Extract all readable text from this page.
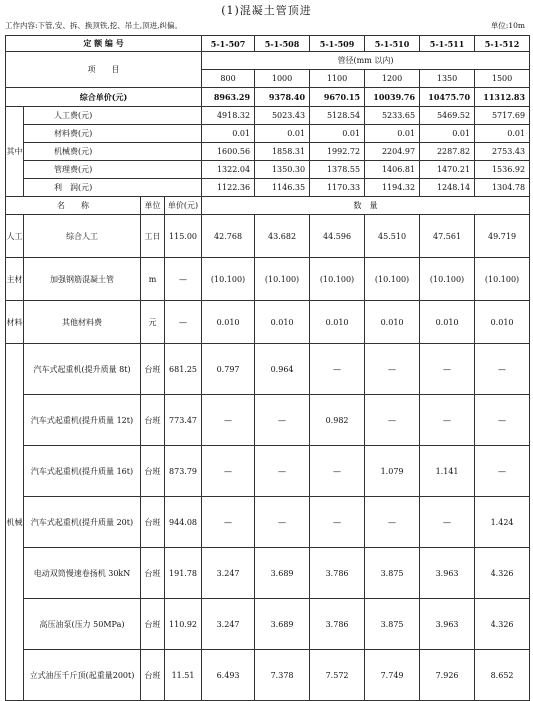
(1)混凝土管顶进
工作内容:下管,安、拆、换顶铁,挖、吊土,顶进,纠偏。	单位:10m
定 额 编 号				5-1-507	5-1-508	5-1-509	5-1-510	5-1-511	5-1-512
项　　目				管径(mm 以内)					
				800	1000	1100	1200	1350	1500
综合单价(元)				8963.29	9378.40	9670.15	10039.76	10475.70	11312.83
其中	人工费(元)			4918.32	5023.43	5128.54	5233.65	5469.52	5717.69
	材料费(元)			0.01	0.01	0.01	0.01	0.01	0.01
	机械费(元)			1600.56	1858.31	1992.72	2204.97	2287.82	2753.43
	管理费(元)			1322.04	1350.30	1378.55	1406.81	1470.21	1536.92
	利　润(元)			1122.36	1146.35	1170.33	1194.32	1248.14	1304.78
名　　称		单位	单价(元)	数　量					
人工	综合人工	工日	115.00	42.768	43.682	44.596	45.510	47.561	49.719
主材	加强钢筋混凝土管	m	—	(10.100)	(10.100)	(10.100)	(10.100)	(10.100)	(10.100)
材料	其他材料费	元	—	0.010	0.010	0.010	0.010	0.010	0.010
机械	汽车式起重机(提升质量 8t)	台班	681.25	0.797	0.964	—	—	—	—
	汽车式起重机(提升质量 12t)	台班	773.47	—	—	0.982	—	—	—
	汽车式起重机(提升质量 16t)	台班	873.79	—	—	—	1.079	1.141	—
	汽车式起重机(提升质量 20t)	台班	944.08	—	—	—	—	—	1.424
	电动双筒慢速卷扬机 30kN	台班	191.78	3.247	3.689	3.786	3.875	3.963	4.326
	高压油泵(压力 50MPa)	台班	110.92	3.247	3.689	3.786	3.875	3.963	4.326
	立式油压千斤顶(起重量200t)	台班	11.51	6.493	7.378	7.572	7.749	7.926	8.652
